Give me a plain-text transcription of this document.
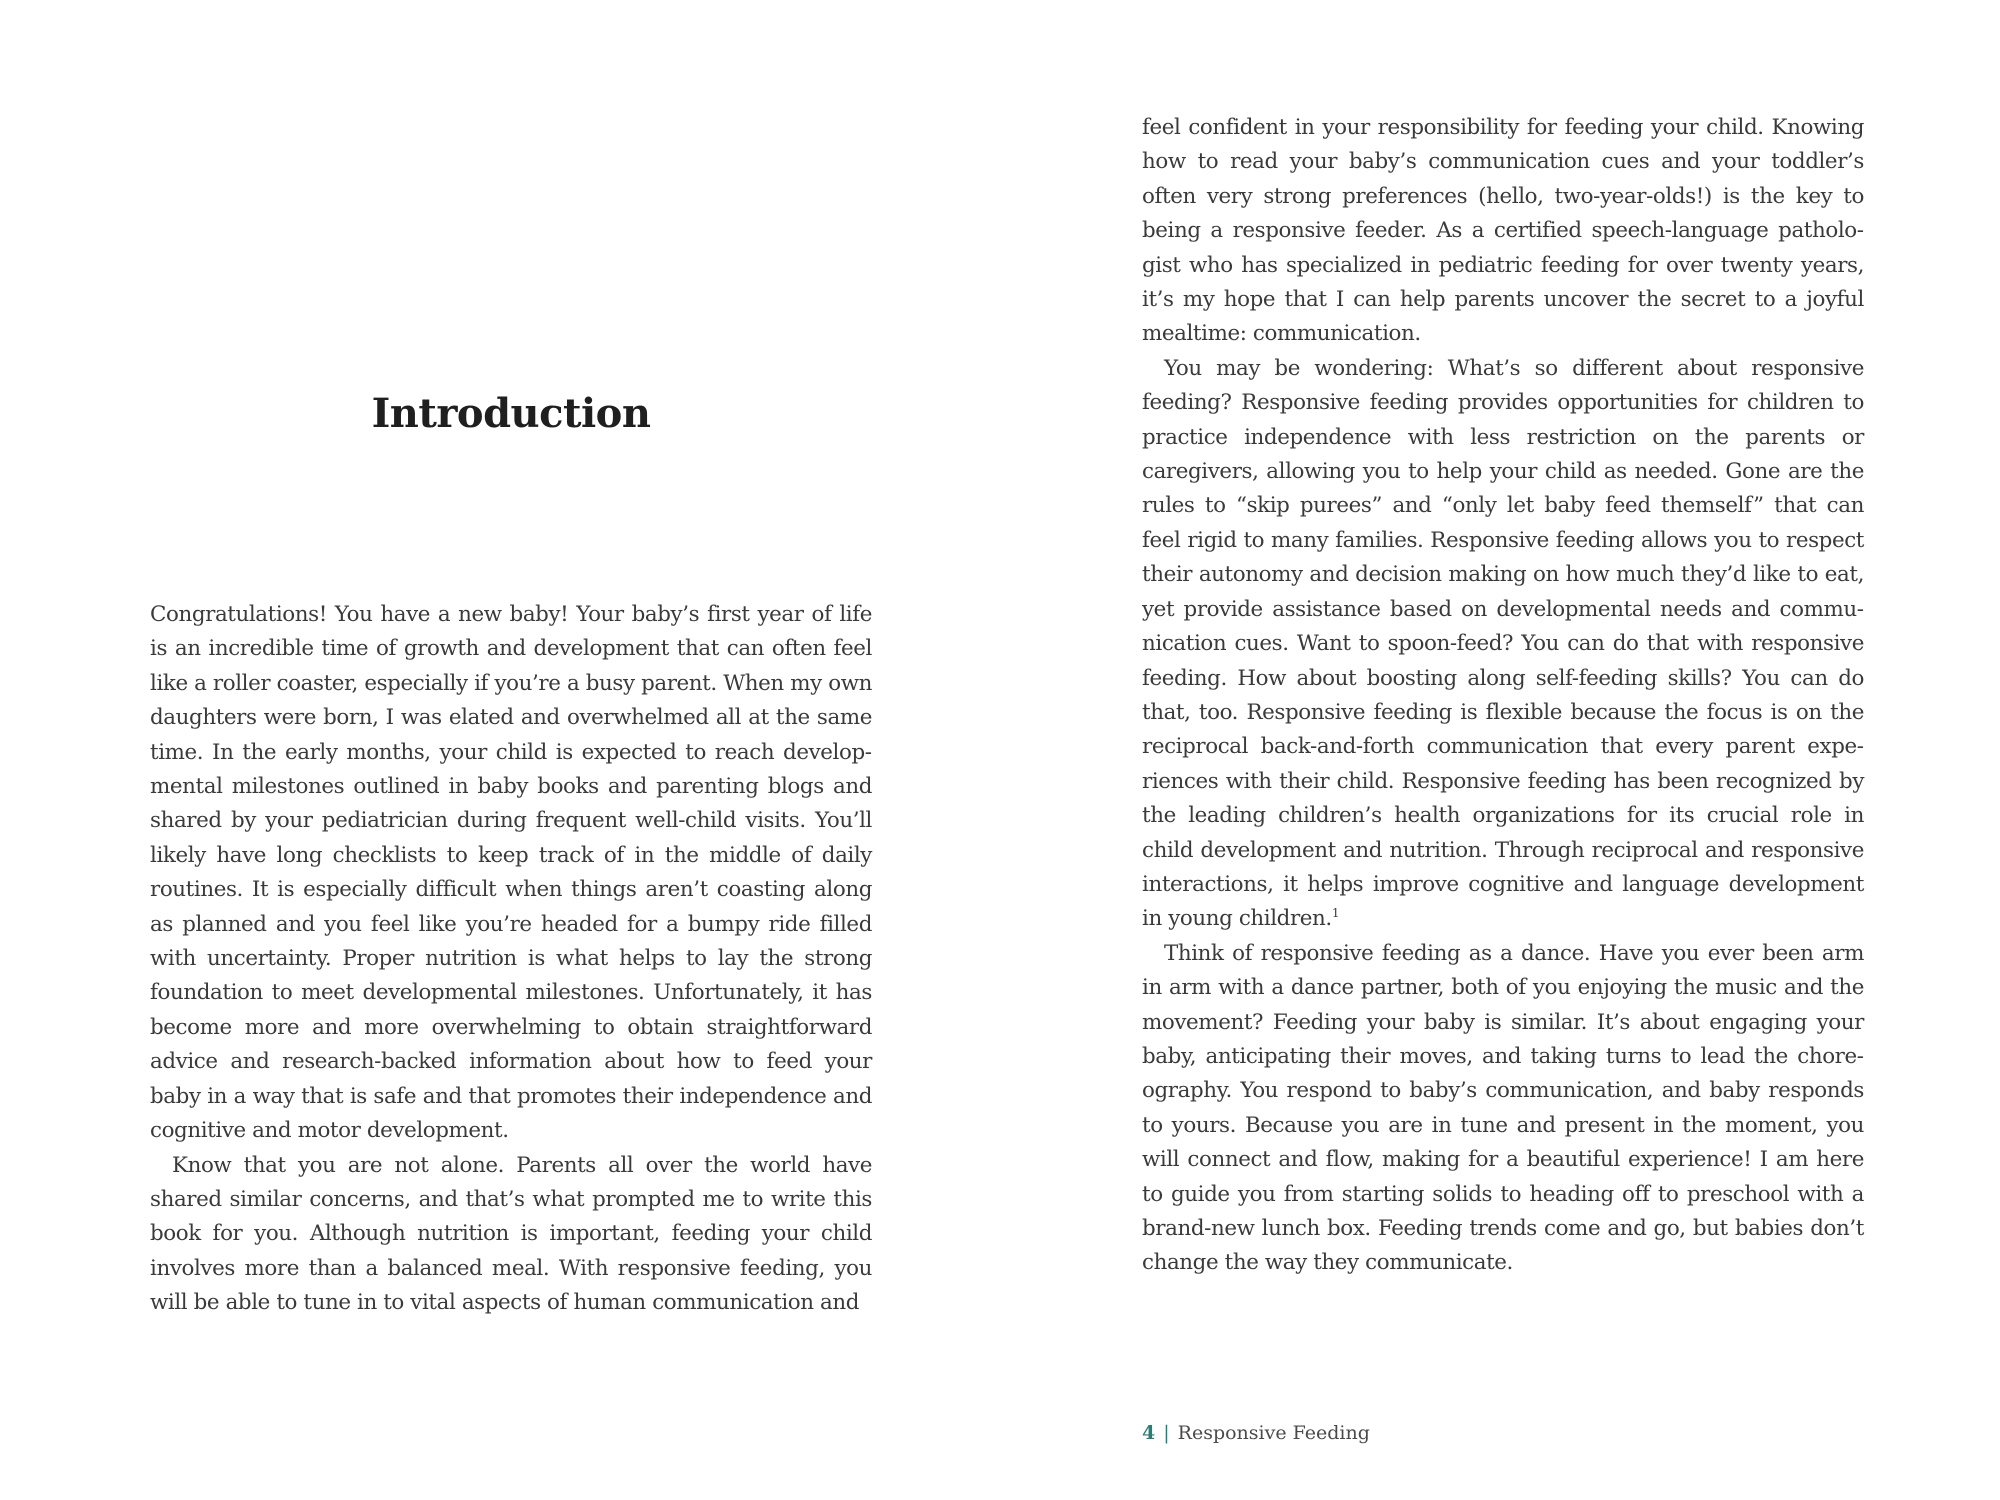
Introduction

Congratulations! You have a new baby! Your baby’s first year of life is an incredible time of growth and development that can often feel like a roller coaster, especially if you’re a busy parent. When my own daughters were born, I was elated and overwhelmed all at the same time. In the early months, your child is expected to reach developmental milestones outlined in baby books and parenting blogs and shared by your pediatrician during frequent well-child visits. You’ll likely have long checklists to keep track of in the middle of daily routines. It is especially difficult when things aren’t coasting along as planned and you feel like you’re headed for a bumpy ride filled with uncertainty. Proper nutrition is what helps to lay the strong foundation to meet developmental milestones. Unfortunately, it has become more and more overwhelming to obtain straightforward advice and research-backed information about how to feed your baby in a way that is safe and that promotes their independence and cognitive and motor development.

Know that you are not alone. Parents all over the world have shared similar concerns, and that’s what prompted me to write this book for you. Although nutrition is important, feeding your child involves more than a balanced meal. With responsive feeding, you will be able to tune in to vital aspects of human communication and

feel confident in your responsibility for feeding your child. Knowing how to read your baby’s communication cues and your toddler’s often very strong preferences (hello, two-year-olds!) is the key to being a responsive feeder. As a certified speech-language pathologist who has specialized in pediatric feeding for over twenty years, it’s my hope that I can help parents uncover the secret to a joyful mealtime: communication.

You may be wondering: What’s so different about responsive feeding? Responsive feeding provides opportunities for children to practice independence with less restriction on the parents or caregivers, allowing you to help your child as needed. Gone are the rules to “skip purees” and “only let baby feed themself” that can feel rigid to many families. Responsive feeding allows you to respect their autonomy and decision making on how much they’d like to eat, yet provide assistance based on developmental needs and communication cues. Want to spoon-feed? You can do that with responsive feeding. How about boosting along self-feeding skills? You can do that, too. Responsive feeding is flexible because the focus is on the reciprocal back-and-forth communication that every parent experiences with their child. Responsive feeding has been recognized by the leading children’s health organizations for its crucial role in child development and nutrition. Through reciprocal and responsive interactions, it helps improve cognitive and language development in young children.$^1$

Think of responsive feeding as a dance. Have you ever been arm in arm with a dance partner, both of you enjoying the music and the movement? Feeding your baby is similar. It’s about engaging your baby, anticipating their moves, and taking turns to lead the choreography. You respond to baby’s communication, and baby responds to yours. Because you are in tune and present in the moment, you will connect and flow, making for a beautiful experience! I am here to guide you from starting solids to heading off to preschool with a brand-new lunch box. Feeding trends come and go, but babies don’t change the way they communicate.

4 | Responsive Feeding
